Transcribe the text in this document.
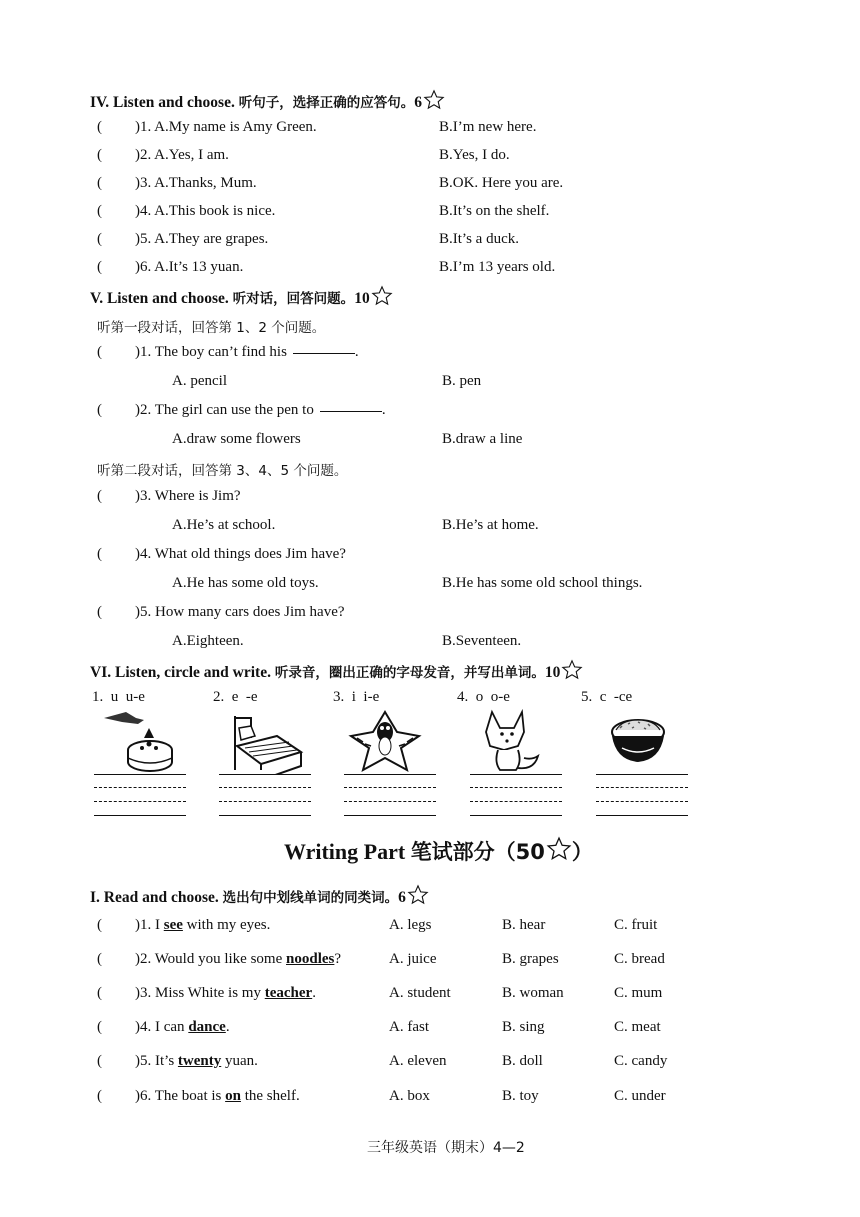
IV. Listen and choose. 听句子，选择正确的应答句。6
( )1. A.My name is Amy Green.	B.I’m new here.
( )2. A.Yes, I am.	B.Yes, I do.
( )3. A.Thanks, Mum.	B.OK. Here you are.
( )4. A.This book is nice.	B.It’s on the shelf.
( )5. A.They are grapes.	B.It’s a duck.
( )6. A.It’s 13 yuan.	B.I’m 13 years old.
V. Listen and choose. 听对话，回答问题。10
听第一段对话，回答第 1、2 个问题。
( )1. The boy can’t find his	.
A. pencil	B. pen
( )2. The girl can use the pen to	.
A.draw some flowers	B.draw a line
听第二段对话，回答第 3、4、5 个问题。
( )3. Where is Jim?
A.He’s at school.	B.He’s at home.
( )4. What old things does Jim have?
A.He has some old toys.	B.He has some old school things.
( )5. How many cars does Jim have?
A.Eighteen.	B.Seventeen.
VI. Listen, circle and write. 听录音，圈出正确的字母发音，并写出单词。10
1.  u  u-e	2.  e  -e	3.  i  i-e	4.  o  o-e	5.  c  -ce
Writing Part 笔试部分（50 ）
I. Read and choose. 选出句中划线单词的同类词。6
( )1. I see with my eyes.	A. legs	B. hear	C. fruit
( )2. Would you like some noodles?	A. juice	B. grapes	C. bread
( )3. Miss White is my teacher.	A. student	B. woman	C. mum
( )4. I can dance.	A. fast	B. sing	C. meat
( )5. It’s twenty yuan.	A. eleven	B. doll	C. candy
( )6. The boat is on the shelf.	A. box	B. toy	C. under
三年级英语（期末）4—2
